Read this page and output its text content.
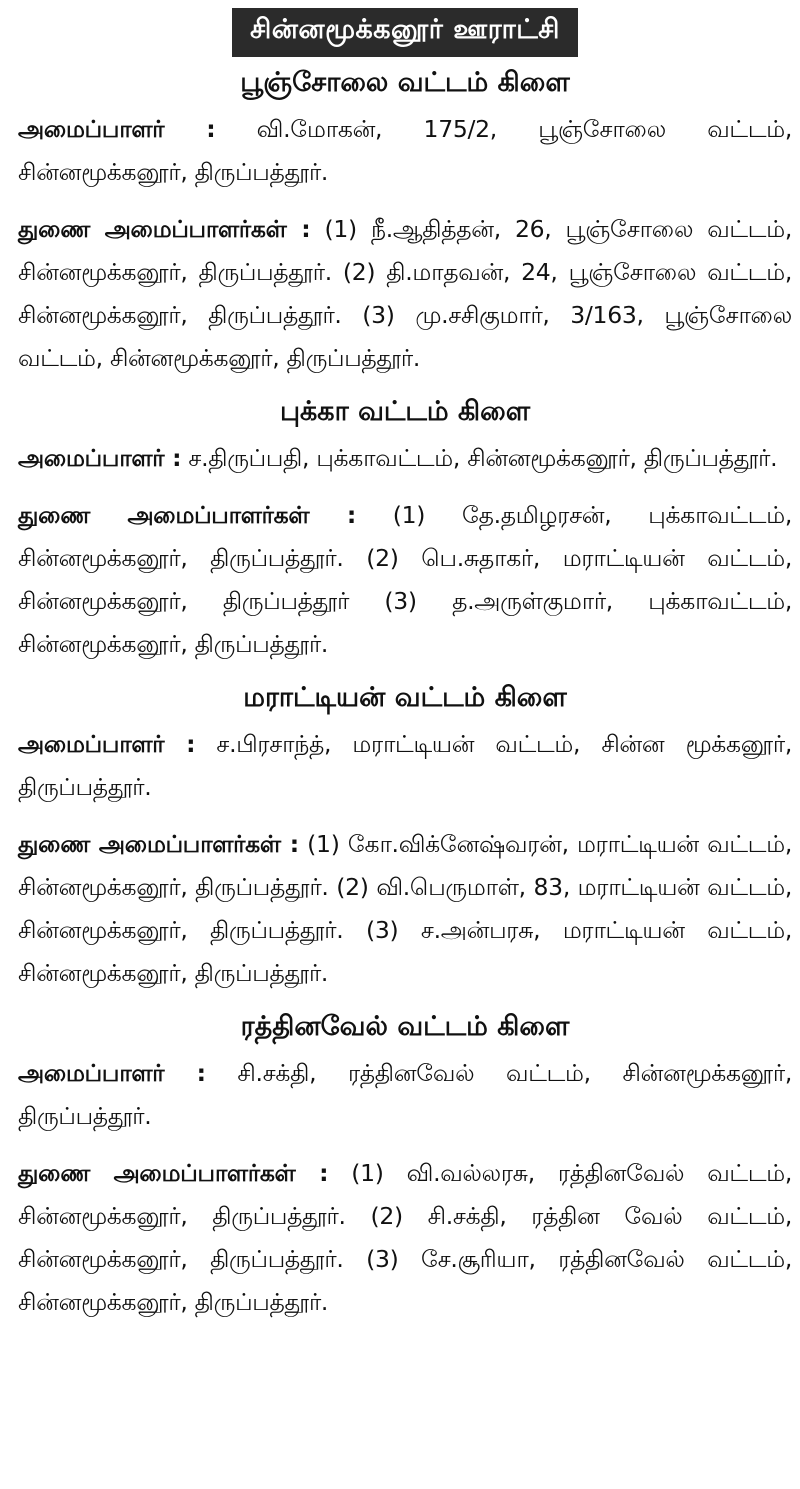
சின்னமூக்கனூர் ஊராட்சி
பூஞ்சோலை வட்டம் கிளை

அமைப்பாளர் : வி.மோகன், 175/2, பூஞ்சோலை வட்டம், சின்னமூக்கனூர், திருப்பத்தூர்.

துணை அமைப்பாளர்கள் : (1) நீ.ஆதித்தன், 26, பூஞ்சோலை வட்டம், சின்னமூக்கனூர், திருப்பத்தூர். (2) தி.மாதவன், 24, பூஞ்சோலை வட்டம், சின்னமூக்கனூர், திருப்பத்தூர். (3) மு.சசிகுமார், 3/163, பூஞ்சோலை வட்டம், சின்னமூக்கனூர், திருப்பத்தூர்.

புக்கா வட்டம் கிளை

அமைப்பாளர் : ச.திருப்பதி, புக்காவட்டம், சின்னமூக்கனூர், திருப்பத்தூர்.

துணை அமைப்பாளர்கள் : (1) தே.தமிழரசன், புக்காவட்டம், சின்னமூக்கனூர், திருப்பத்தூர். (2) பெ.சுதாகர், மராட்டியன் வட்டம், சின்னமூக்கனூர், திருப்பத்தூர் (3) த.அருள்குமார், புக்காவட்டம், சின்னமூக்கனூர், திருப்பத்தூர்.

மராட்டியன் வட்டம் கிளை

அமைப்பாளர் : ச.பிரசாந்த், மராட்டியன் வட்டம், சின்ன மூக்கனூர், திருப்பத்தூர்.

துணை அமைப்பாளர்கள் : (1) கோ.விக்னேஷ்வரன், மராட்டியன் வட்டம், சின்னமூக்கனூர், திருப்பத்தூர். (2) வி.பெருமாள், 83, மராட்டியன் வட்டம், சின்னமூக்கனூர், திருப்பத்தூர். (3) ச.அன்பரசு, மராட்டியன் வட்டம், சின்னமூக்கனூர், திருப்பத்தூர்.

ரத்தினவேல் வட்டம் கிளை

அமைப்பாளர் : சி.சக்தி, ரத்தினவேல் வட்டம், சின்னமூக்கனூர், திருப்பத்தூர்.

துணை அமைப்பாளர்கள் : (1) வி.வல்லரசு, ரத்தினவேல் வட்டம், சின்னமூக்கனூர், திருப்பத்தூர். (2) சி.சக்தி, ரத்தின வேல் வட்டம், சின்னமூக்கனூர், திருப்பத்தூர். (3) சே.சூரியா, ரத்தினவேல் வட்டம், சின்னமூக்கனூர், திருப்பத்தூர்.
